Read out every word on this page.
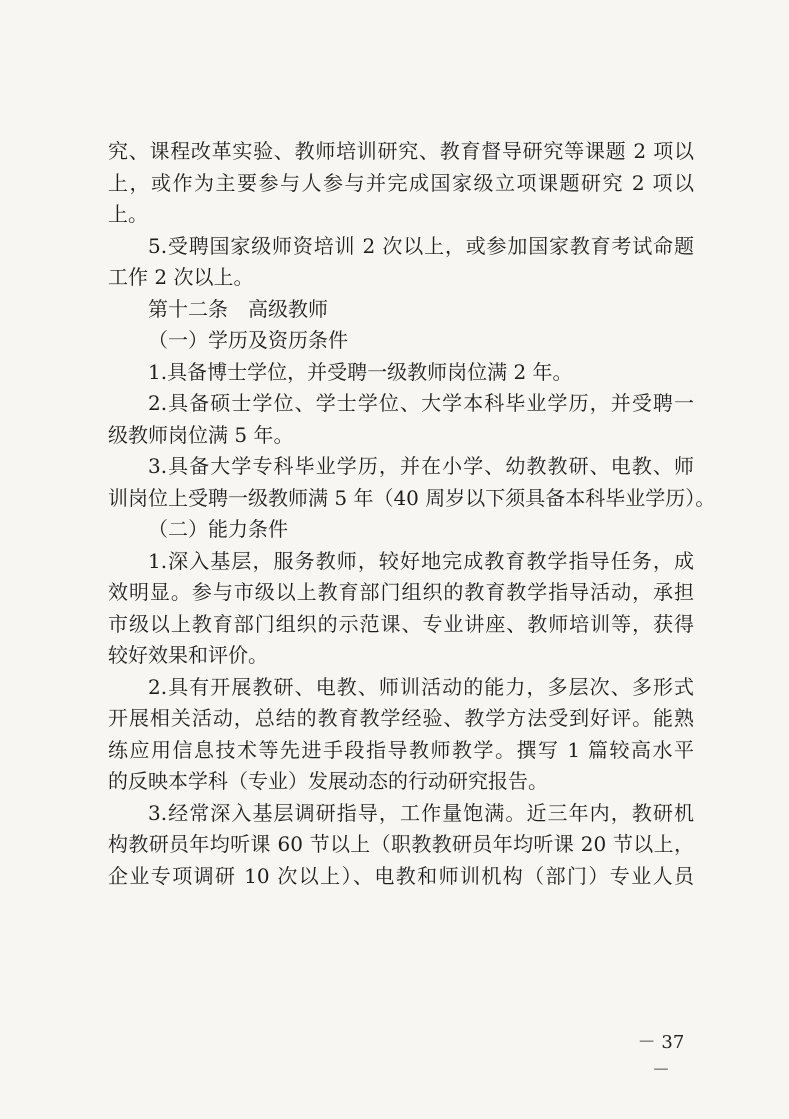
究、课程改革实验、教师培训研究、教育督导研究等课题 2 项以
上，或作为主要参与人参与并完成国家级立项课题研究 2 项以
上。
5.受聘国家级师资培训 2 次以上，或参加国家教育考试命题
工作 2 次以上。
第十二条　高级教师
（一）学历及资历条件
1.具备博士学位，并受聘一级教师岗位满 2 年。
2.具备硕士学位、学士学位、大学本科毕业学历，并受聘一
级教师岗位满 5 年。
3.具备大学专科毕业学历，并在小学、幼教教研、电教、师
训岗位上受聘一级教师满 5 年（40 周岁以下须具备本科毕业学历）。
（二）能力条件
1.深入基层，服务教师，较好地完成教育教学指导任务，成
效明显。参与市级以上教育部门组织的教育教学指导活动，承担
市级以上教育部门组织的示范课、专业讲座、教师培训等，获得
较好效果和评价。
2.具有开展教研、电教、师训活动的能力，多层次、多形式
开展相关活动，总结的教育教学经验、教学方法受到好评。能熟
练应用信息技术等先进手段指导教师教学。撰写 1 篇较高水平
的反映本学科（专业）发展动态的行动研究报告。
3.经常深入基层调研指导，工作量饱满。近三年内，教研机
构教研员年均听课 60 节以上（职教教研员年均听课 20 节以上，
企业专项调研 10 次以上）、电教和师训机构（部门）专业人员
－ 37 －
